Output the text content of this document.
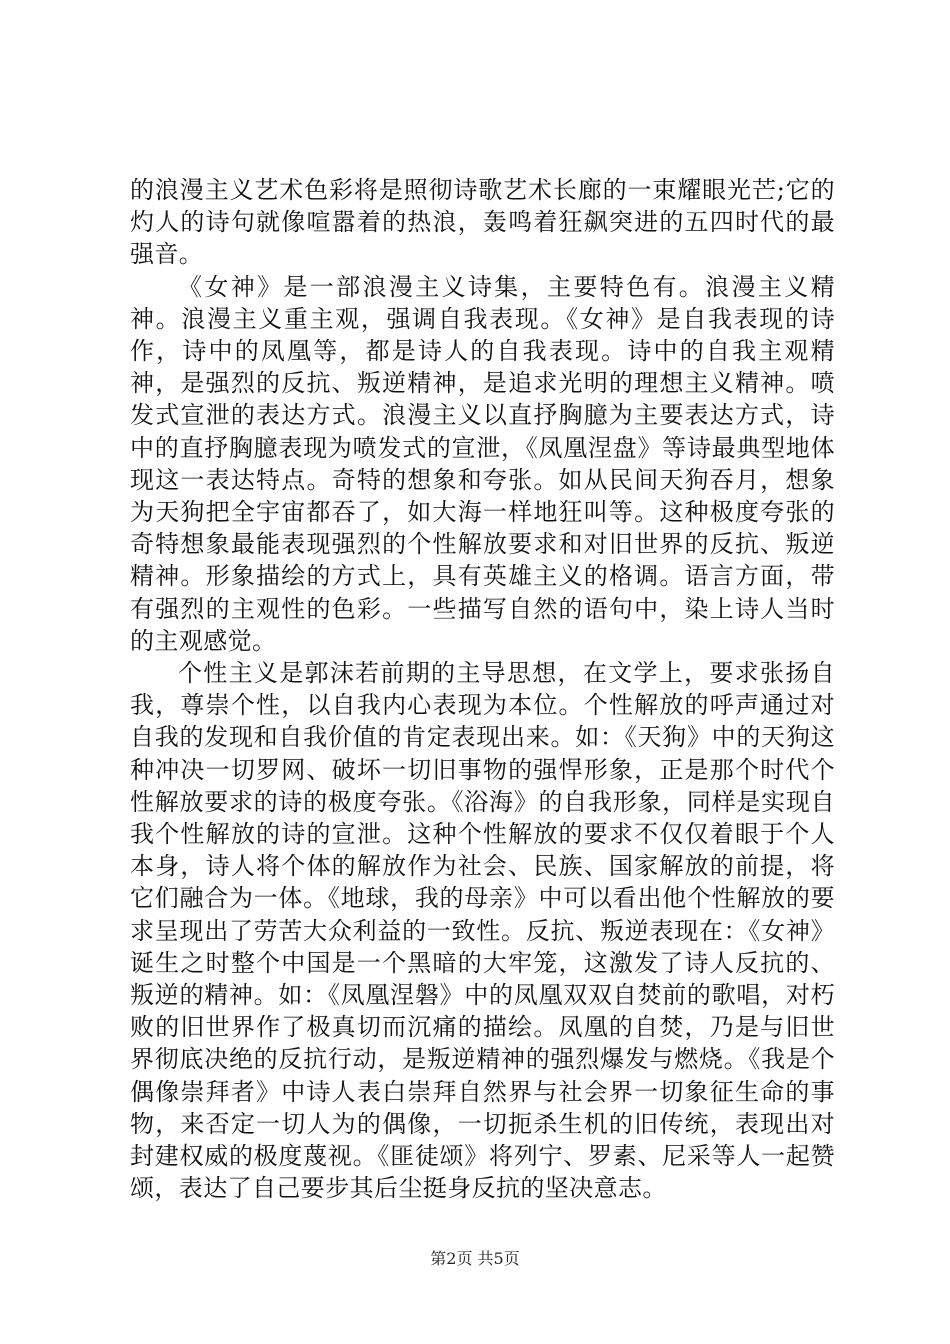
的浪漫主义艺术色彩将是照彻诗歌艺术长廊的一束耀眼光芒;它的灼人的诗句就像喧嚣着的热浪，轰鸣着狂飙突进的五四时代的最强音。

《女神》是一部浪漫主义诗集，主要特色有。浪漫主义精神。浪漫主义重主观，强调自我表现。《女神》是自我表现的诗作，诗中的凤凰等，都是诗人的自我表现。诗中的自我主观精神，是强烈的反抗、叛逆精神，是追求光明的理想主义精神。喷发式宣泄的表达方式。浪漫主义以直抒胸臆为主要表达方式，诗中的直抒胸臆表现为喷发式的宣泄，《凤凰涅盘》等诗最典型地体现这一表达特点。奇特的想象和夸张。如从民间天狗吞月，想象为天狗把全宇宙都吞了，如大海一样地狂叫等。这种极度夸张的奇特想象最能表现强烈的个性解放要求和对旧世界的反抗、叛逆精神。形象描绘的方式上，具有英雄主义的格调。语言方面，带有强烈的主观性的色彩。一些描写自然的语句中，染上诗人当时的主观感觉。

个性主义是郭沫若前期的主导思想，在文学上，要求张扬自我，尊崇个性，以自我内心表现为本位。个性解放的呼声通过对自我的发现和自我价值的肯定表现出来。如：《天狗》中的天狗这种冲决一切罗网、破坏一切旧事物的强悍形象，正是那个时代个性解放要求的诗的极度夸张。《浴海》的自我形象，同样是实现自我个性解放的诗的宣泄。这种个性解放的要求不仅仅着眼于个人本身，诗人将个体的解放作为社会、民族、国家解放的前提，将它们融合为一体。《地球，我的母亲》中可以看出他个性解放的要求呈现出了劳苦大众利益的一致性。反抗、叛逆表现在：《女神》诞生之时整个中国是一个黑暗的大牢笼，这激发了诗人反抗的、叛逆的精神。如：《凤凰涅磐》中的凤凰双双自焚前的歌唱，对朽败的旧世界作了极真切而沉痛的描绘。凤凰的自焚，乃是与旧世界彻底决绝的反抗行动，是叛逆精神的强烈爆发与燃烧。《我是个偶像崇拜者》中诗人表白崇拜自然界与社会界一切象征生命的事物，来否定一切人为的偶像，一切扼杀生机的旧传统，表现出对封建权威的极度蔑视。《匪徒颂》将列宁、罗素、尼采等人一起赞颂，表达了自己要步其后尘挺身反抗的坚决意志。

第2页 共5页
